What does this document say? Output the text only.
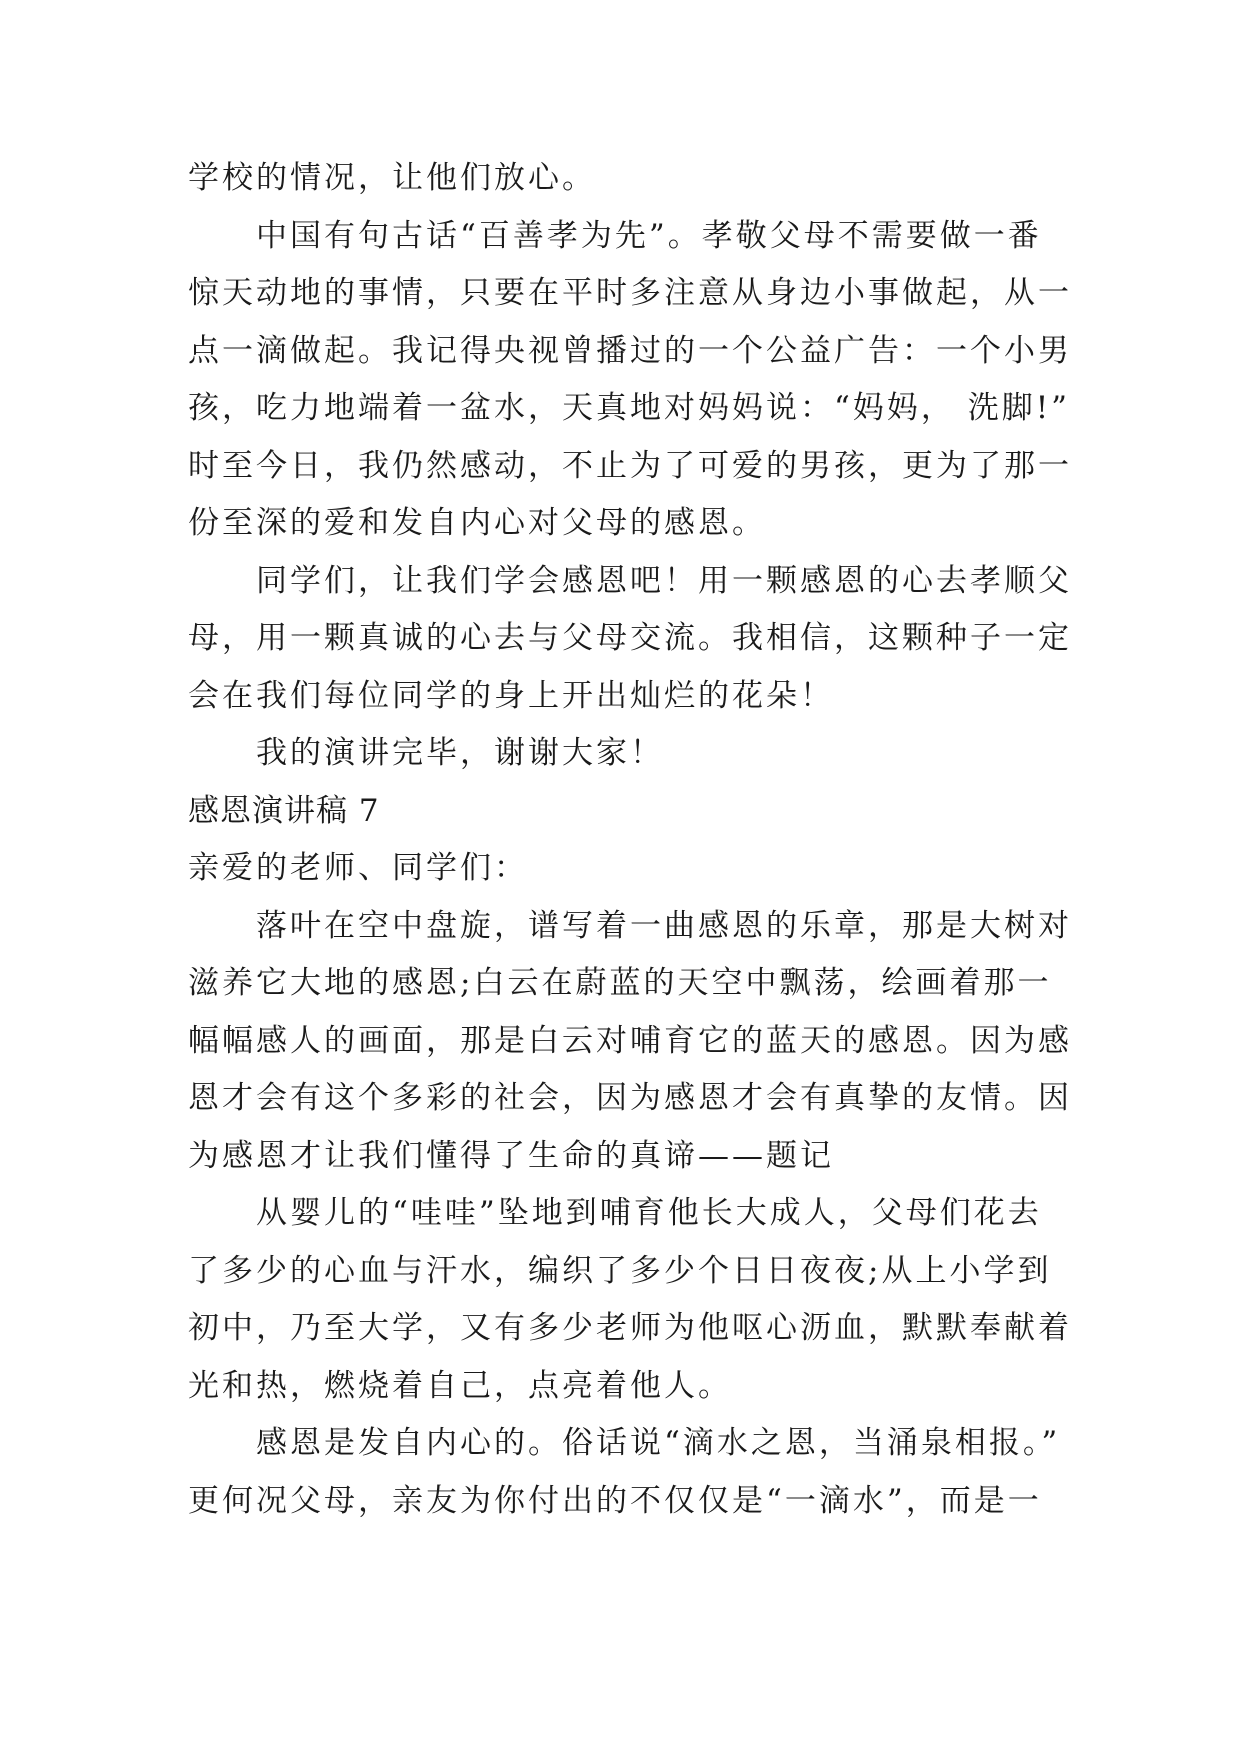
学校的情况，让他们放心。
中国有句古话“百善孝为先”。孝敬父母不需要做一番
惊天动地的事情，只要在平时多注意从身边小事做起，从一
点一滴做起。我记得央视曾播过的一个公益广告：一个小男
孩，吃力地端着一盆水，天真地对妈妈说：“妈妈， 洗脚!”
时至今日，我仍然感动，不止为了可爱的男孩，更为了那一
份至深的爱和发自内心对父母的感恩。
同学们，让我们学会感恩吧！用一颗感恩的心去孝顺父
母，用一颗真诚的心去与父母交流。我相信，这颗种子一定
会在我们每位同学的身上开出灿烂的花朵！
我的演讲完毕，谢谢大家！
感恩演讲稿 7
亲爱的老师、同学们：
落叶在空中盘旋，谱写着一曲感恩的乐章，那是大树对
滋养它大地的感恩;白云在蔚蓝的天空中飘荡，绘画着那一
幅幅感人的画面，那是白云对哺育它的蓝天的感恩。因为感
恩才会有这个多彩的社会，因为感恩才会有真挚的友情。因
为感恩才让我们懂得了生命的真谛——题记
从婴儿的“哇哇”坠地到哺育他长大成人，父母们花去
了多少的心血与汗水，编织了多少个日日夜夜;从上小学到
初中，乃至大学，又有多少老师为他呕心沥血，默默奉献着
光和热，燃烧着自己，点亮着他人。
感恩是发自内心的。俗话说“滴水之恩，当涌泉相报。”
更何况父母，亲友为你付出的不仅仅是“一滴水”，而是一
